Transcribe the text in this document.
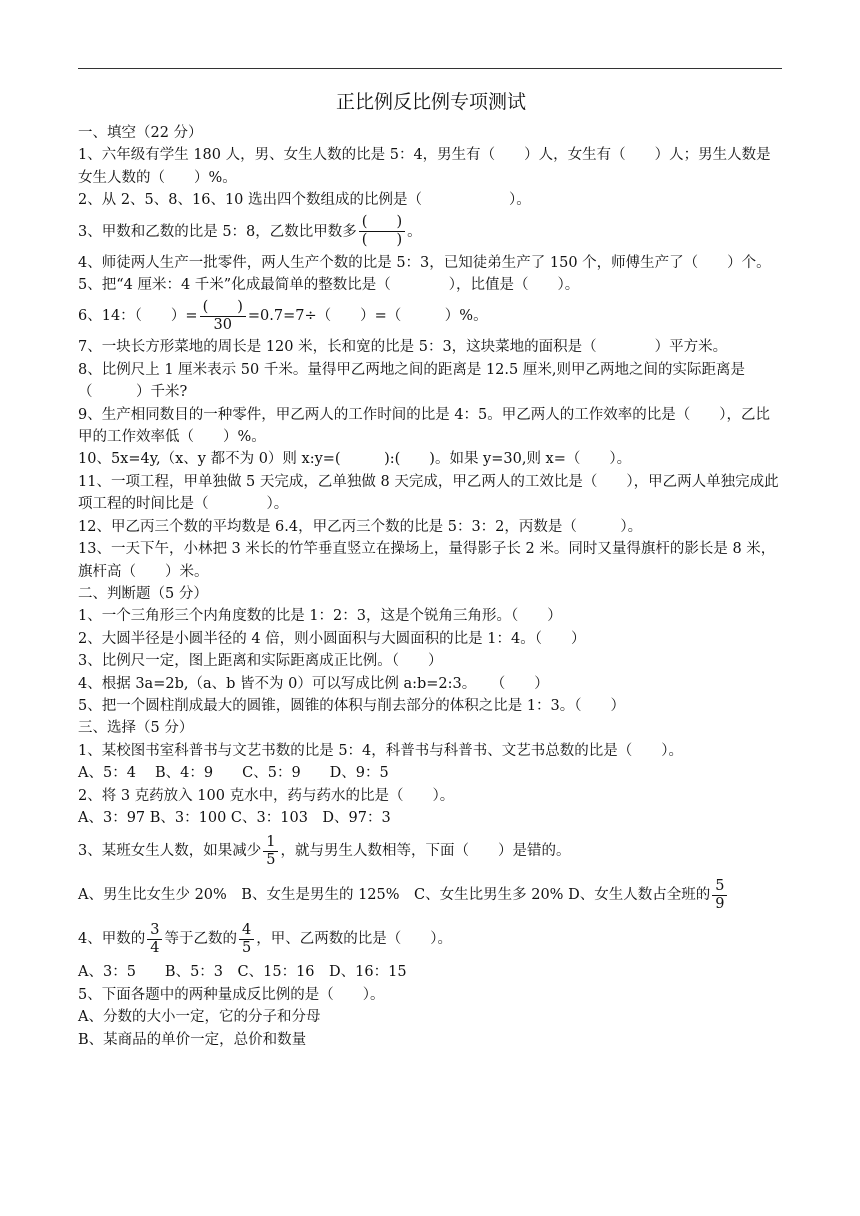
正比例反比例专项测试
一、填空（22 分）
1、六年级有学生 180 人，男、女生人数的比是 5：4，男生有（　　）人，女生有（　　）人；男生人数是女生人数的（　　）%。
2、从 2、5、8、16、10 选出四个数组成的比例是（　　　　　　）。
3、甲数和乙数的比是 5：8，乙数比甲数多 $\frac{( )}{( )}$ 。
4、师徒两人生产一批零件，两人生产个数的比是 5：3，已知徒弟生产了 150 个，师傅生产了（　　）个。
5、把“4 厘米：4 千米”化成最简单的整数比是（　　　　），比值是（　　）。
6、14：（　　）= $\frac{( )}{30} =0.7=7\div$（　　）=（　　　）%。
7、一块长方形菜地的周长是 120 米，长和宽的比是 5：3，这块菜地的面积是（　　　　）平方米。
8、比例尺上 1 厘米表示 50 千米。量得甲乙两地之间的距离是 12.5 厘米,则甲乙两地之间的实际距离是（　　　）千米?
9、生产相同数目的一种零件，甲乙两人的工作时间的比是 4：5。甲乙两人的工作效率的比是（　　），乙比甲的工作效率低（　　）%。
10、5x=4y,（x、y 都不为 0）则 x:y=(　　　):(　　)。如果 y=30,则 x=（　　）。
11、一项工程，甲单独做 5 天完成，乙单独做 8 天完成，甲乙两人的工效比是（　　），甲乙两人单独完成此项工程的时间比是（　　　　）。
12、甲乙丙三个数的平均数是 6.4，甲乙丙三个数的比是 5：3：2，丙数是（　　　）。
13、一天下午，小林把 3 米长的竹竿垂直竖立在操场上，量得影子长 2 米。同时又量得旗杆的影长是 8 米，旗杆高（　　）米。
二、判断题（5 分）
1、一个三角形三个内角度数的比是 1：2：3，这是个锐角三角形。（　　）
2、大圆半径是小圆半径的 4 倍，则小圆面积与大圆面积的比是 1：4。（　　）
3、比例尺一定，图上距离和实际距离成正比例。（　　）
4、根据 3a=2b,（a、b 皆不为 0）可以写成比例 a:b=2:3。　　（　　）
5、把一个圆柱削成最大的圆锥，圆锥的体积与削去部分的体积之比是 1：3。（　　）
三、选择（5 分）
1、某校图书室科普书与文艺书数的比是 5：4，科普书与科普书、文艺书总数的比是（　　）。
A、5：4　 B、4：9　　C、5：9　　D、9：5
2、将 3 克药放入 100 克水中，药与药水的比是（　　）。
A、3：97 B、3：100 C、3：103　D、97：3
3、某班女生人数，如果减少 $\frac{1}{5}$ ，就与男生人数相等，下面（　　）是错的。
A、男生比女生少 20%　B、女生是男生的 125%　C、女生比男生多 20% D、女生人数占全班的 $\frac{5}{9}$
4、甲数的 $\frac{3}{4}$ 等于乙数的 $\frac{4}{5}$ ，甲、乙两数的比是（　　）。
A、3：5　　B、5：3　C、15：16　D、16：15
5、下面各题中的两种量成反比例的是（　　）。
A、分数的大小一定，它的分子和分母
B、某商品的单价一定，总价和数量
